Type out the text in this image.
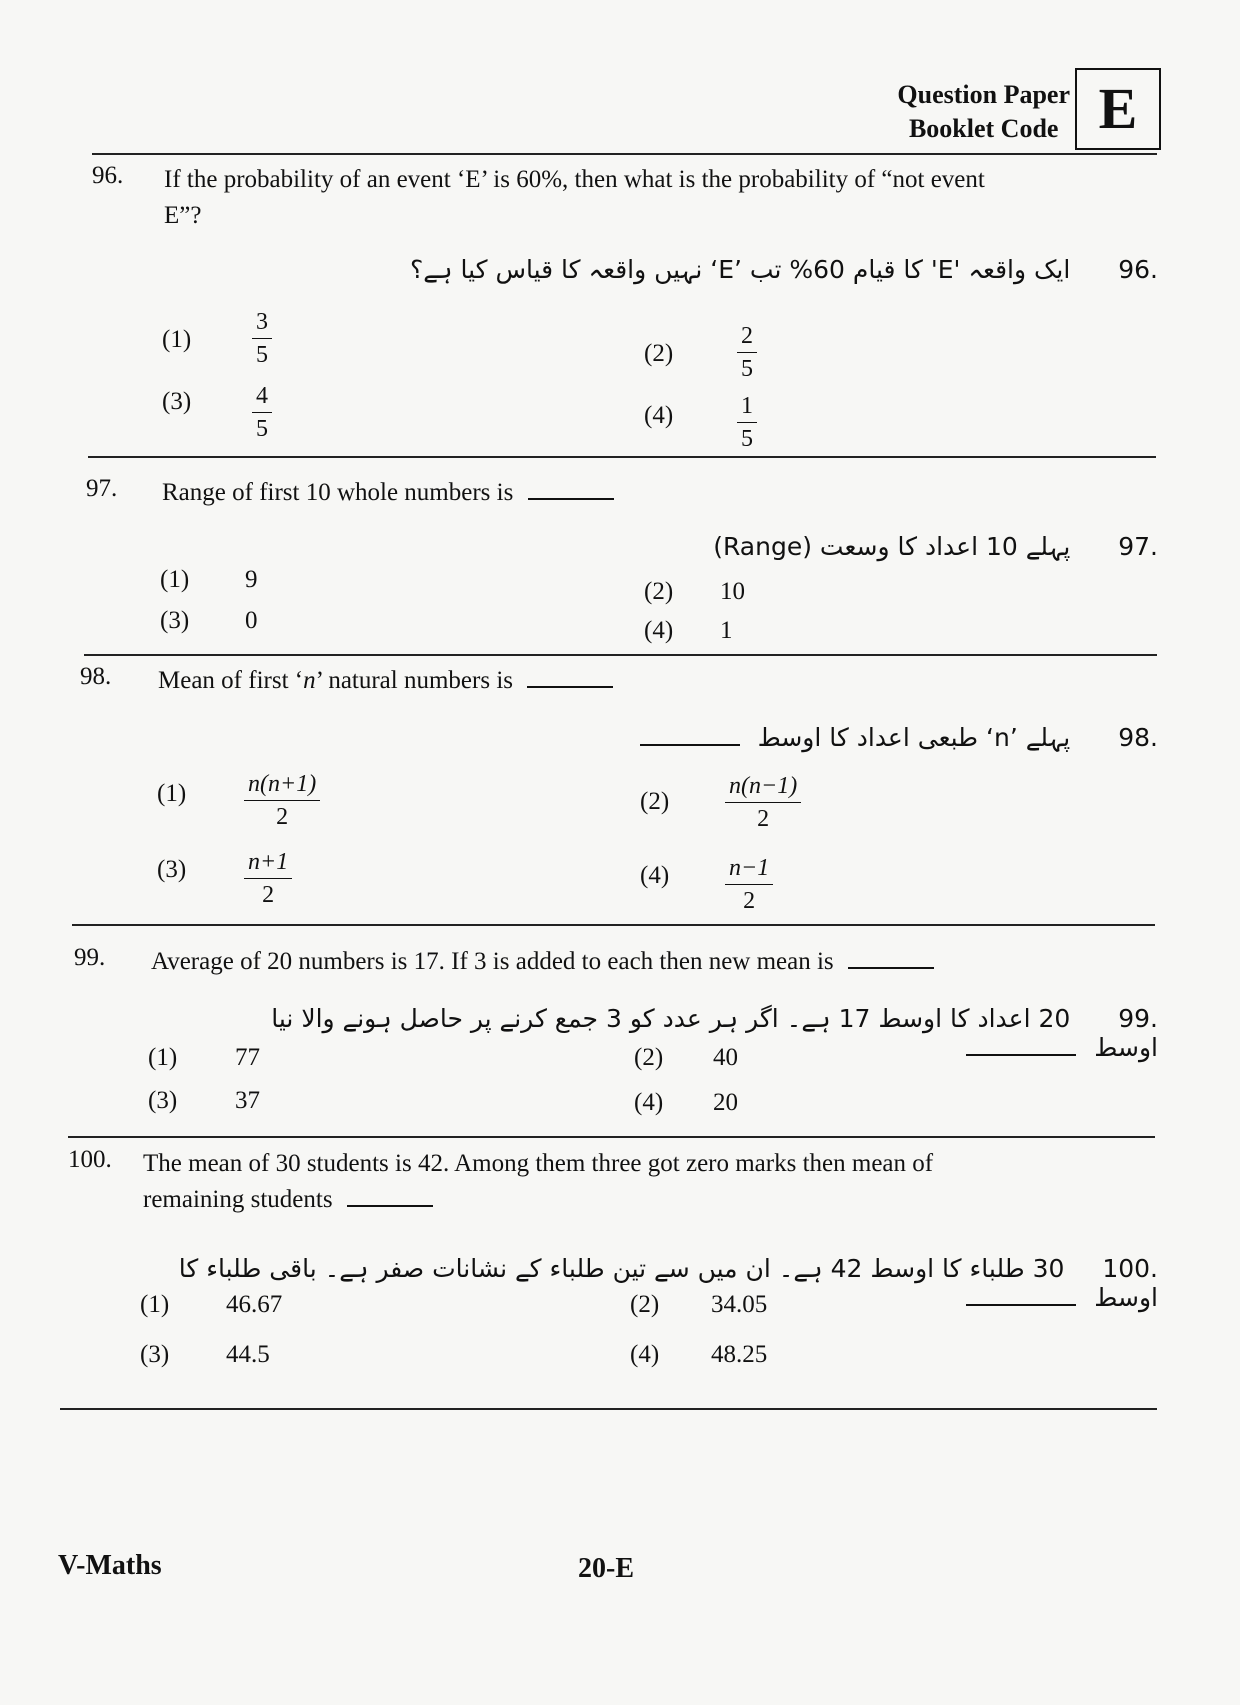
Question Paper
Booklet Code E
96. If the probability of an event ‘E’ is 60%, then what is the probability of “not event
E”?
.96 ایک واقعہ 'E' کا قیام 60% تب ’E‘ نہیں واقعہ کا قیاس کیا ہے؟
(1)	$\frac{3}{5}$	(2)	$\frac{2}{5}$
(3)	$\frac{4}{5}$	(4)	$\frac{1}{5}$
97. Range of first 10 whole numbers is
.97 پہلے 10 اعداد کا وسعت (Range)
(1) 9	(2) 10
(3) 0	(4) 1
98. Mean of first ‘n’ natural numbers is
.98 پہلے ’n‘ طبعی اعداد کا اوسط
$(1) \frac{n(n+1)}{2}$	$(2) \frac{n(n-1)}{2}$
$(3) \frac{n+1}{2}$	$(4) \frac{n-1}{2}$
99. Average of 20 numbers is 17. If 3 is added to each then new mean is
.99 20 اعداد کا اوسط 17 ہے۔ اگر ہر عدد کو 3 جمع کرنے پر حاصل ہونے والا نیا اوسط
(1) 77	(2) 40
(3) 37	(4) 20
100. The mean of 30 students is 42. Among them three got zero marks then mean of
remaining students
.100 30 طلباء کا اوسط 42 ہے۔ ان میں سے تین طلباء کے نشانات صفر ہے۔ باقی طلباء کا اوسط
(1) 46.67	(2) 34.05
(3) 44.5	(4) 48.25
V-Maths	20-E
